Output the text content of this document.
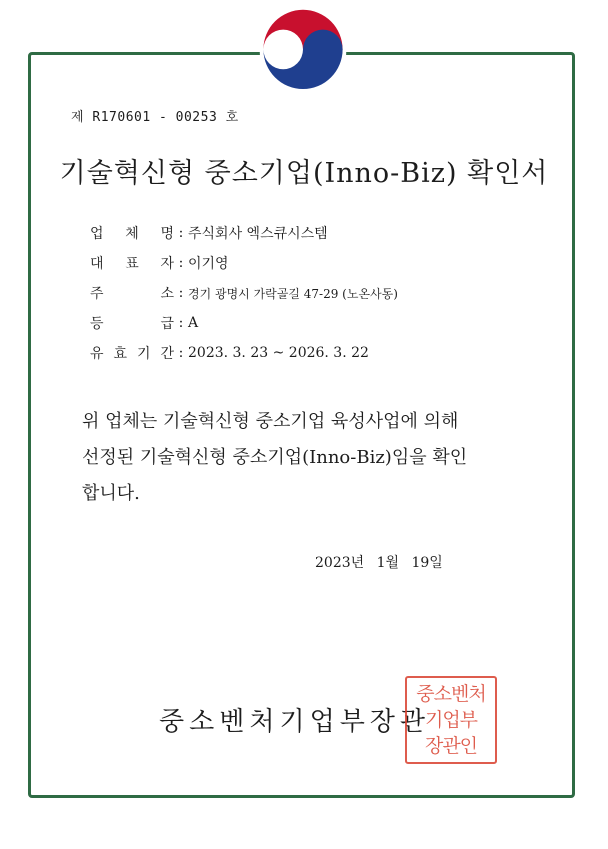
제 R170601 - 00253 호
기술혁신형 중소기업(Inno-Biz) 확인서
업 체 명 : 주식회사 엑스큐시스템
대 표 자 : 이기영
주	소 : 경기 광명시 가락골길 47-29 (노온사동)
등	급 : A
유 효 기 간 : 2023. 3. 23 ~ 2026. 3. 22
위 업체는 기술혁신형 중소기업 육성사업에 의해
선정된 기술혁신형 중소기업(Inno-Biz)임을 확인
합니다.
2023년 1월 19일
중소벤처기업부장관
중소벤처
기업부
장관인
